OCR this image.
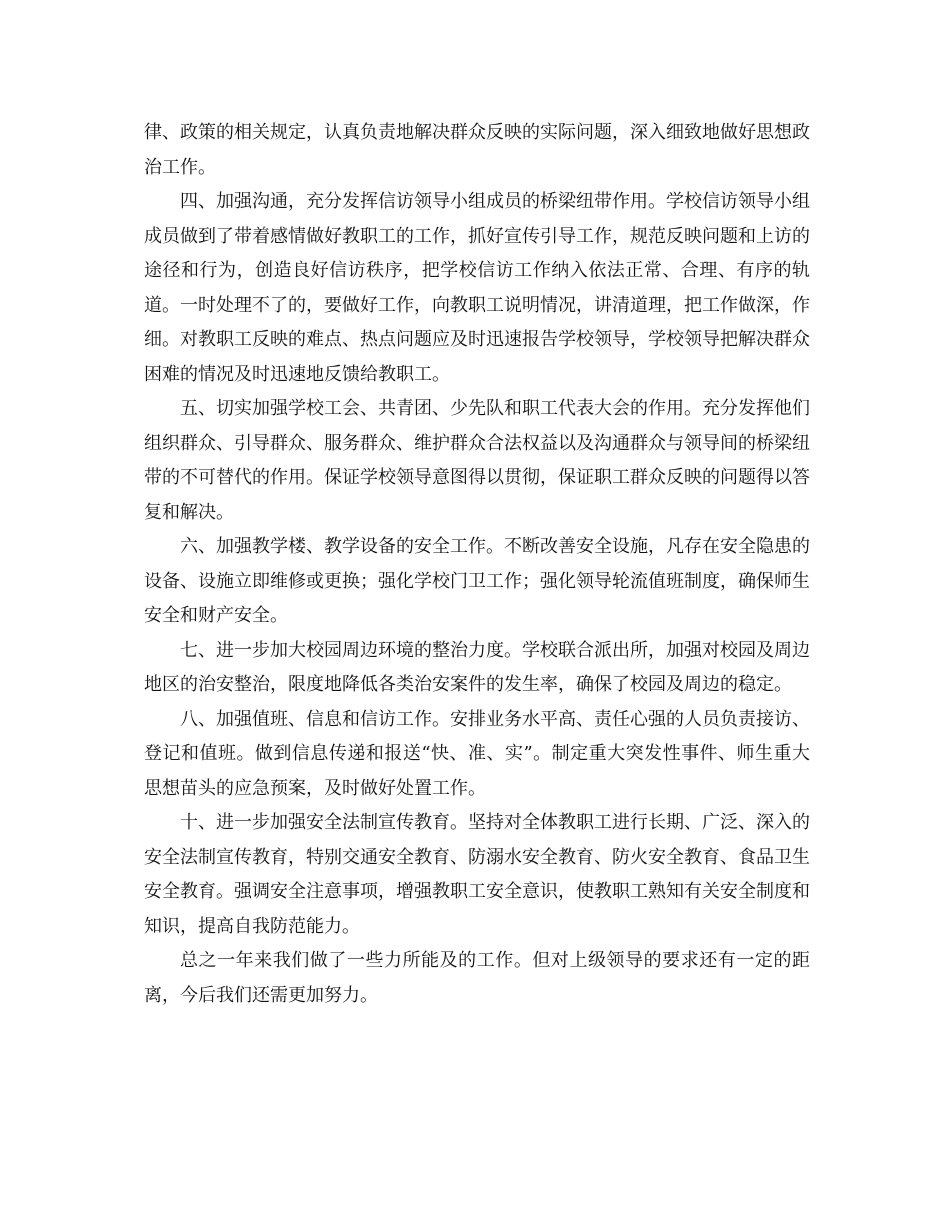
律、政策的相关规定，认真负责地解决群众反映的实际问题，深入细致地做好思想政治工作。

四、加强沟通，充分发挥信访领导小组成员的桥梁纽带作用。学校信访领导小组成员做到了带着感情做好教职工的工作，抓好宣传引导工作，规范反映问题和上访的途径和行为，创造良好信访秩序，把学校信访工作纳入依法正常、合理、有序的轨道。一时处理不了的，要做好工作，向教职工说明情况，讲清道理，把工作做深，作细。对教职工反映的难点、热点问题应及时迅速报告学校领导，学校领导把解决群众困难的情况及时迅速地反馈给教职工。

五、切实加强学校工会、共青团、少先队和职工代表大会的作用。充分发挥他们组织群众、引导群众、服务群众、维护群众合法权益以及沟通群众与领导间的桥梁纽带的不可替代的作用。保证学校领导意图得以贯彻，保证职工群众反映的问题得以答复和解决。

六、加强教学楼、教学设备的安全工作。不断改善安全设施，凡存在安全隐患的设备、设施立即维修或更换；强化学校门卫工作；强化领导轮流值班制度，确保师生安全和财产安全。

七、进一步加大校园周边环境的整治力度。学校联合派出所，加强对校园及周边地区的治安整治，限度地降低各类治安案件的发生率，确保了校园及周边的稳定。

八、加强值班、信息和信访工作。安排业务水平高、责任心强的人员负责接访、登记和值班。做到信息传递和报送“快、准、实”。制定重大突发性事件、师生重大思想苗头的应急预案，及时做好处置工作。

十、进一步加强安全法制宣传教育。坚持对全体教职工进行长期、广泛、深入的安全法制宣传教育，特别交通安全教育、防溺水安全教育、防火安全教育、食品卫生安全教育。强调安全注意事项，增强教职工安全意识，使教职工熟知有关安全制度和知识，提高自我防范能力。

总之一年来我们做了一些力所能及的工作。但对上级领导的要求还有一定的距离，今后我们还需更加努力。
